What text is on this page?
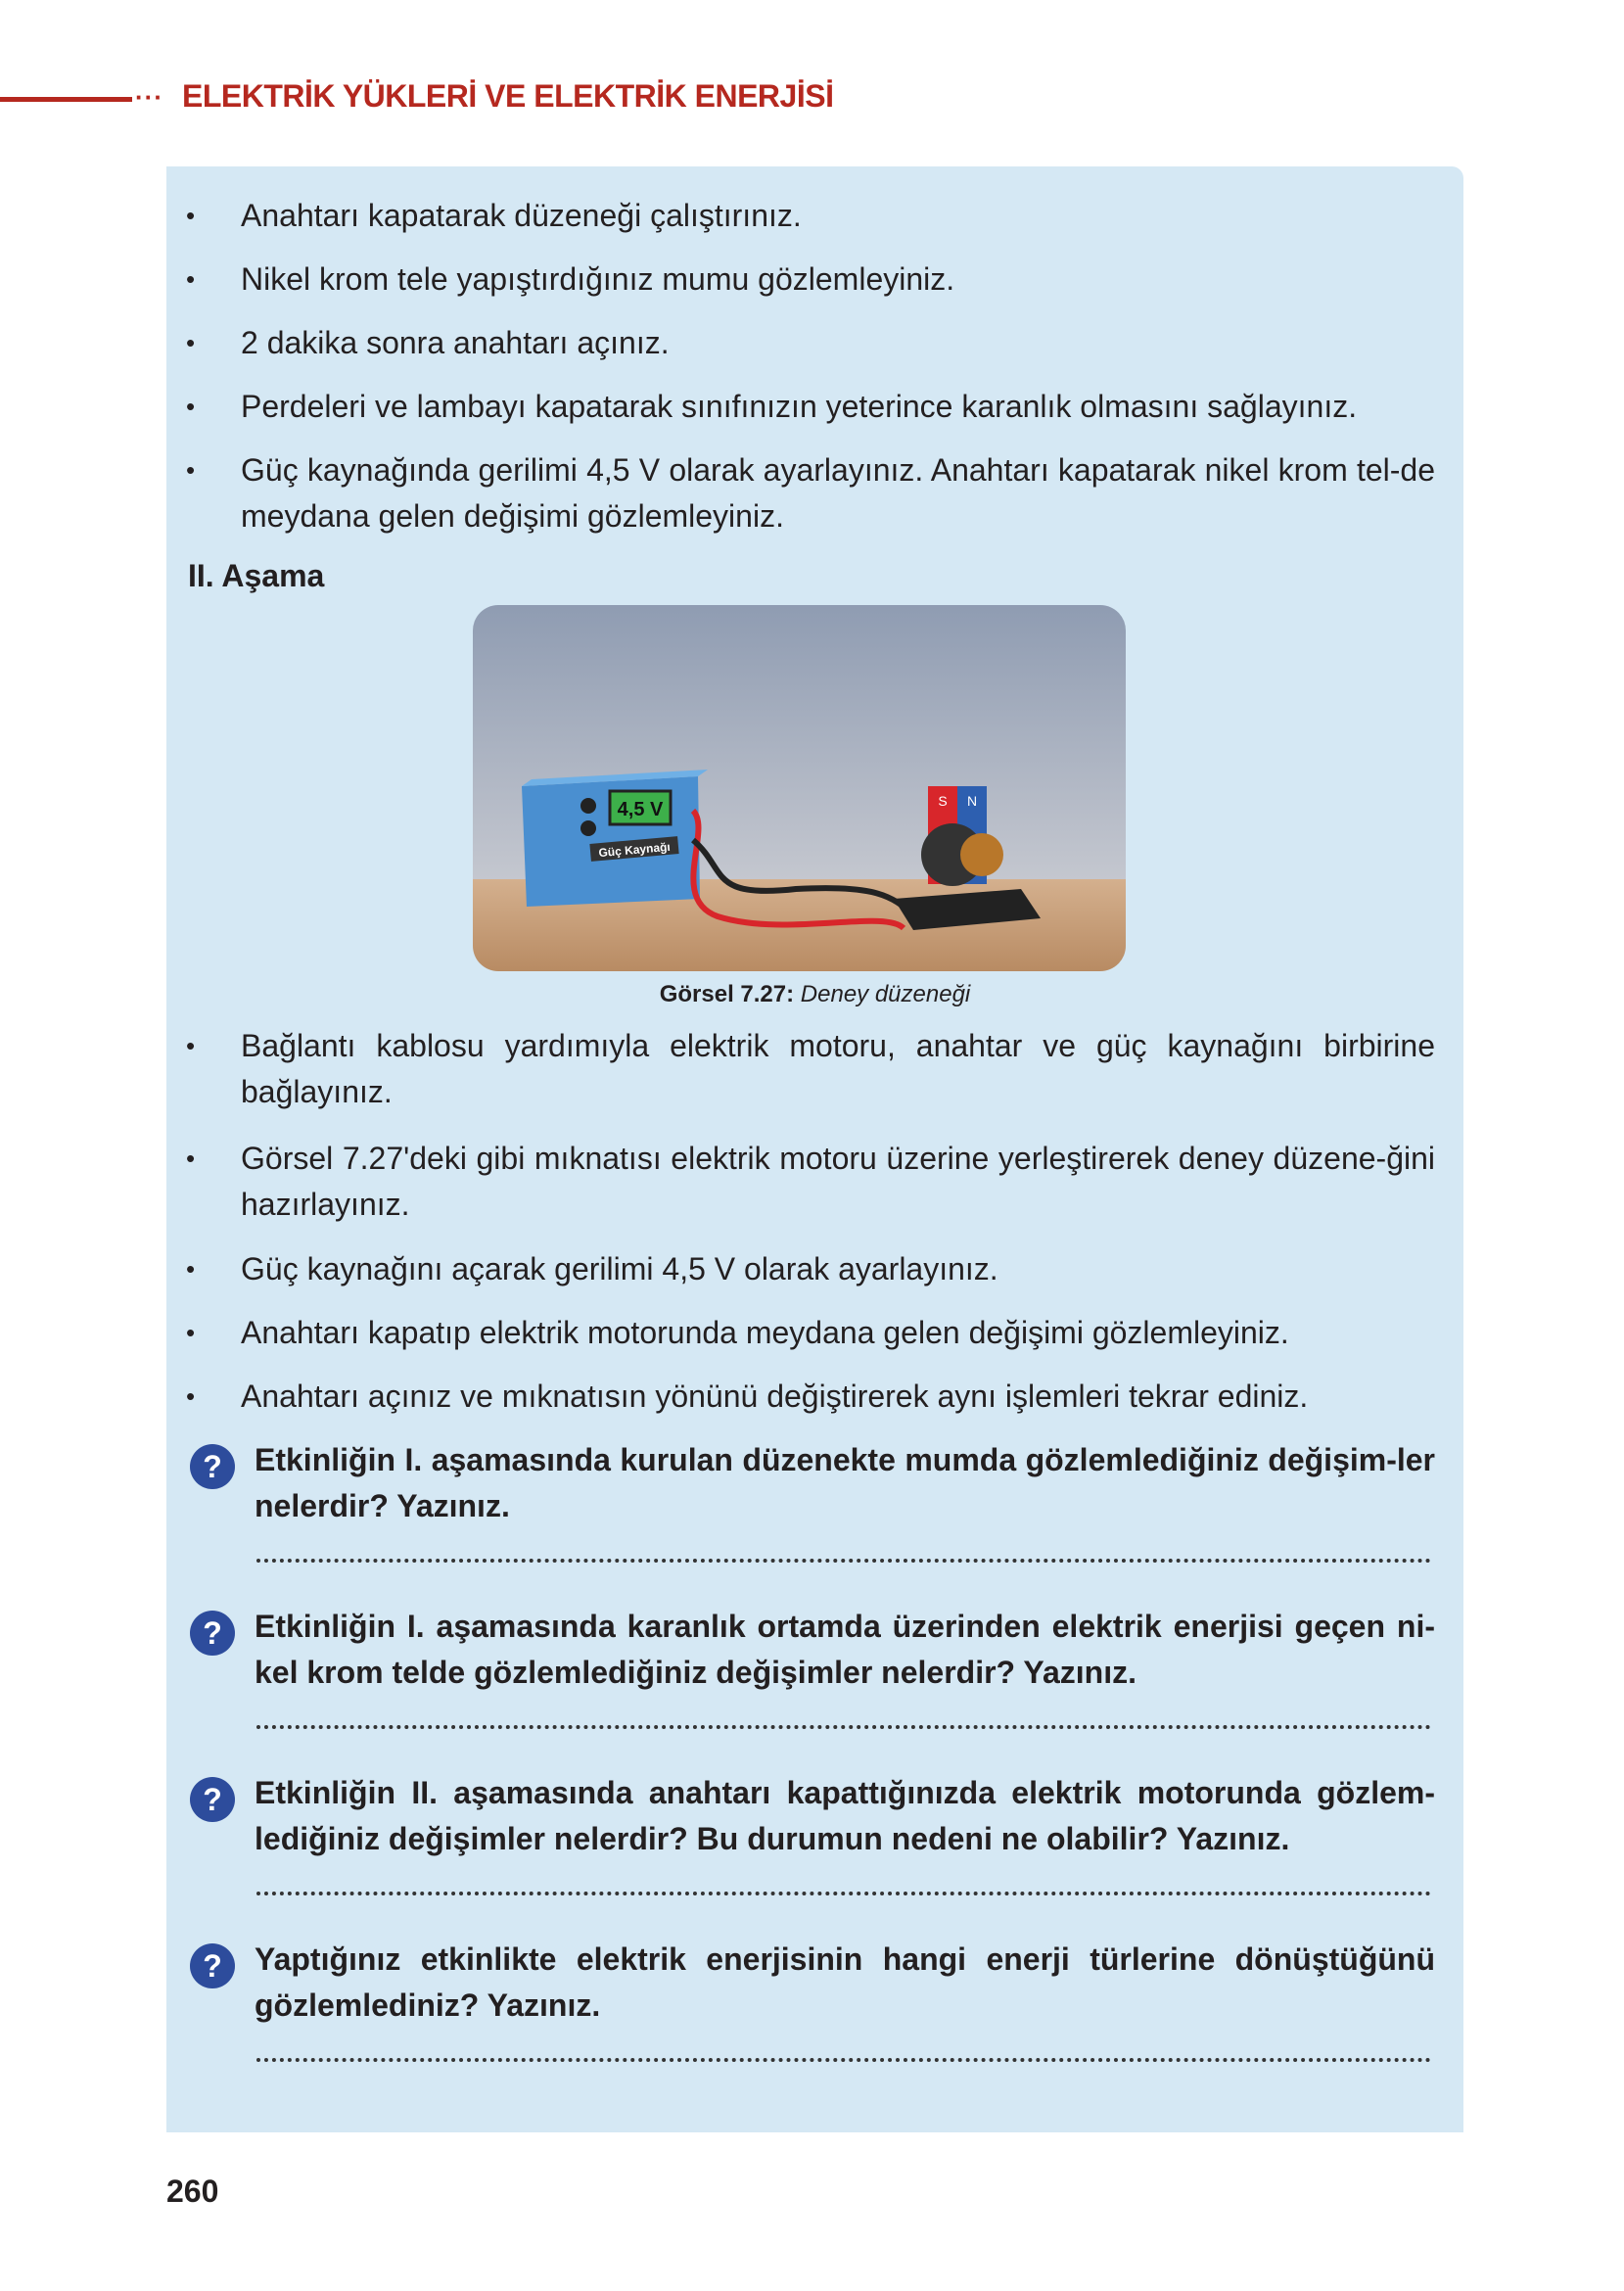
··· ELEKTRİK YÜKLERİ VE ELEKTRİK ENERJİSİ
• Anahtarı kapatarak düzeneği çalıştırınız.
• Nikel krom tele yapıştırdığınız mumu gözlemleyiniz.
• 2 dakika sonra anahtarı açınız.
• Perdeleri ve lambayı kapatarak sınıfınızın yeterince karanlık olmasını sağlayınız.
• Güç kaynağında gerilimi 4,5 V olarak ayarlayınız. Anahtarı kapatarak nikel krom tel-de meydana gelen değişimi gözlemleyiniz.
II. Aşama
4,5 V
Güç Kaynağı
S N
Görsel 7.27: Deney düzeneği
• Bağlantı kablosu yardımıyla elektrik motoru, anahtar ve güç kaynağını birbirine bağlayınız.
• Görsel 7.27'deki gibi mıknatısı elektrik motoru üzerine yerleştirerek deney düzene-ğini hazırlayınız.
• Güç kaynağını açarak gerilimi 4,5 V olarak ayarlayınız.
• Anahtarı kapatıp elektrik motorunda meydana gelen değişimi gözlemleyiniz.
• Anahtarı açınız ve mıknatısın yönünü değiştirerek aynı işlemleri tekrar ediniz.
?	Etkinliğin I. aşamasında kurulan düzenekte mumda gözlemlediğiniz değişim-ler nelerdir? Yazınız.
?	Etkinliğin I. aşamasında karanlık ortamda üzerinden elektrik enerjisi geçen ni-kel krom telde gözlemlediğiniz değişimler nelerdir? Yazınız.
?	Etkinliğin II. aşamasında anahtarı kapattığınızda elektrik motorunda gözlem-lediğiniz değişimler nelerdir? Bu durumun nedeni ne olabilir? Yazınız.
?	Yaptığınız etkinlikte elektrik enerjisinin hangi enerji türlerine dönüştüğünü gözlemlediniz? Yazınız.
260
